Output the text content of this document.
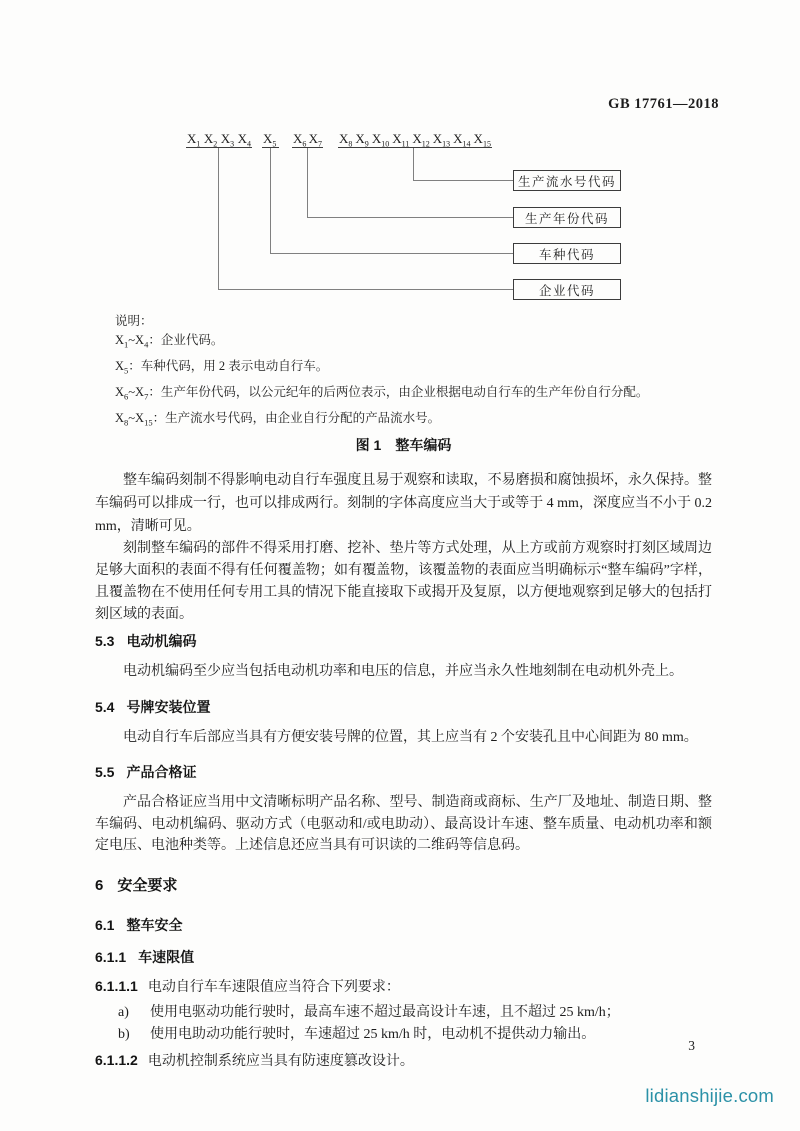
GB 17761—2018
$X_1$ $X_2$ $X_3$ $X_4$ $X_5$ $X_6$ $X_7$ $X_8$ $X_9$ $X_{10}$ $X_{11}$ $X_{12}$ $X_{13}$ $X_{14}$ $X_{15}$
生产流水号代码
生产年份代码
车种代码
企业代码
说明：
$X_1\sim X_4$：企业代码。
$X_5$：车种代码，用 2 表示电动自行车。
$X_6\sim X_7$：生产年份代码，以公元纪年的后两位表示，由企业根据电动自行车的生产年份自行分配。
$X_8\sim X_{15}$：生产流水号代码，由企业自行分配的产品流水号。
图 1　整车编码

整车编码刻制不得影响电动自行车强度且易于观察和读取，不易磨损和腐蚀损坏，永久保持。整车编码可以排成一行，也可以排成两行。刻制的字体高度应当大于或等于 4 mm，深度应当不小于 0.2 mm，清晰可见。

刻制整车编码的部件不得采用打磨、挖补、垫片等方式处理，从上方或前方观察时打刻区域周边足够大面积的表面不得有任何覆盖物；如有覆盖物，该覆盖物的表面应当明确标示“整车编码”字样，且覆盖物在不使用任何专用工具的情况下能直接取下或揭开及复原，以方便地观察到足够大的包括打刻区域的表面。

5.3 电动机编码

电动机编码至少应当包括电动机功率和电压的信息，并应当永久性地刻制在电动机外壳上。

5.4 号牌安装位置

电动自行车后部应当具有方便安装号牌的位置，其上应当有 2 个安装孔且中心间距为 80 mm。

5.5 产品合格证

产品合格证应当用中文清晰标明产品名称、型号、制造商或商标、生产厂及地址、制造日期、整车编码、电动机编码、驱动方式（电驱动和/或电助动）、最高设计车速、整车质量、电动机功率和额定电压、电池种类等。上述信息还应当具有可识读的二维码等信息码。

6 安全要求
6.1 整车安全
6.1.1 车速限值
6.1.1.1 电动自行车车速限值应当符合下列要求：
a) 使用电驱动功能行驶时，最高车速不超过最高设计车速，且不超过 25 km/h；
b) 使用电助动功能行驶时，车速超过 25 km/h 时，电动机不提供动力输出。
6.1.1.2 电动机控制系统应当具有防速度篡改设计。
3
lidianshijie.com
